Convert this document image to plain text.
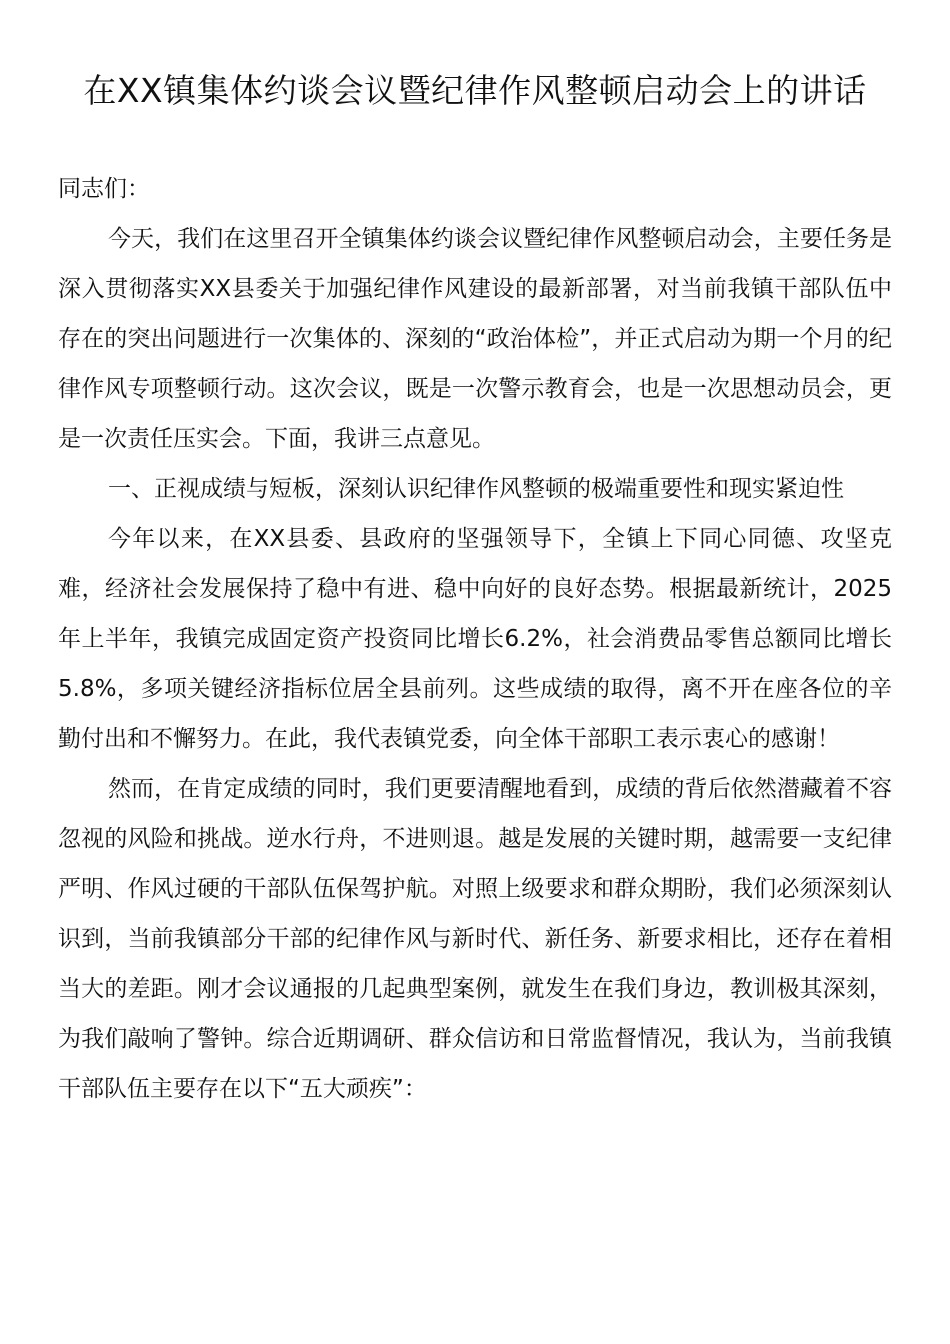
在XX镇集体约谈会议暨纪律作风整顿启动会上的讲话

同志们：

今天，我们在这里召开全镇集体约谈会议暨纪律作风整顿启动会，主要任务是深入贯彻落实XX县委关于加强纪律作风建设的最新部署，对当前我镇干部队伍中存在的突出问题进行一次集体的、深刻的“政治体检”，并正式启动为期一个月的纪律作风专项整顿行动。这次会议，既是一次警示教育会，也是一次思想动员会，更是一次责任压实会。下面，我讲三点意见。

一、正视成绩与短板，深刻认识纪律作风整顿的极端重要性和现实紧迫性

今年以来，在XX县委、县政府的坚强领导下，全镇上下同心同德、攻坚克难，经济社会发展保持了稳中有进、稳中向好的良好态势。根据最新统计，2025年上半年，我镇完成固定资产投资同比增长6.2%，社会消费品零售总额同比增长5.8%，多项关键经济指标位居全县前列。这些成绩的取得，离不开在座各位的辛勤付出和不懈努力。在此，我代表镇党委，向全体干部职工表示衷心的感谢！

然而，在肯定成绩的同时，我们更要清醒地看到，成绩的背后依然潜藏着不容忽视的风险和挑战。逆水行舟，不进则退。越是发展的关键时期，越需要一支纪律严明、作风过硬的干部队伍保驾护航。对照上级要求和群众期盼，我们必须深刻认识到，当前我镇部分干部的纪律作风与新时代、新任务、新要求相比，还存在着相当大的差距。刚才会议通报的几起典型案例，就发生在我们身边，教训极其深刻，为我们敲响了警钟。综合近期调研、群众信访和日常监督情况，我认为，当前我镇干部队伍主要存在以下“五大顽疾”：
